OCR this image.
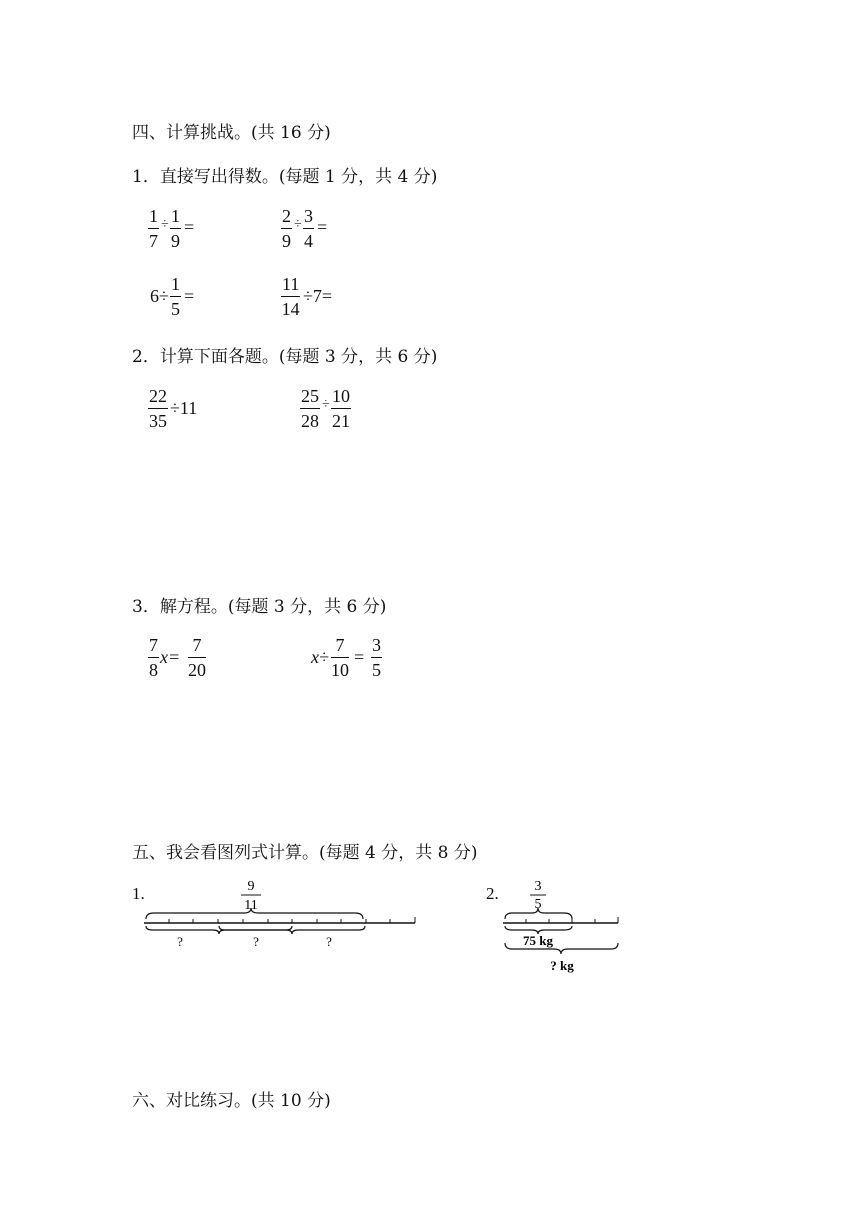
四、计算挑战。(共 16 分)
1．直接写出得数。(每题 1 分，共 4 分)
$\frac{1}{7} \div \frac{1}{9}$ =	$\frac{2}{9} \div \frac{3}{4}$ =
$6\div \frac{1}{5}$ =	$\frac{11}{14} \div 7=$
2．计算下面各题。(每题 3 分，共 6 分)
$\frac{22}{35} \div 11$	$\frac{25}{28} \div \frac{10}{21}$
3．解方程。(每题 3 分，共 6 分)
$\frac{7}{8} x= \frac{7}{20}$	$x\div \frac{7}{10} = \frac{3}{5}$
五、我会看图列式计算。(每题 4 分，共 8 分)
1.	9
11
?	?	?
2.	3
5
75 kg
? kg
六、对比练习。(共 10 分)
